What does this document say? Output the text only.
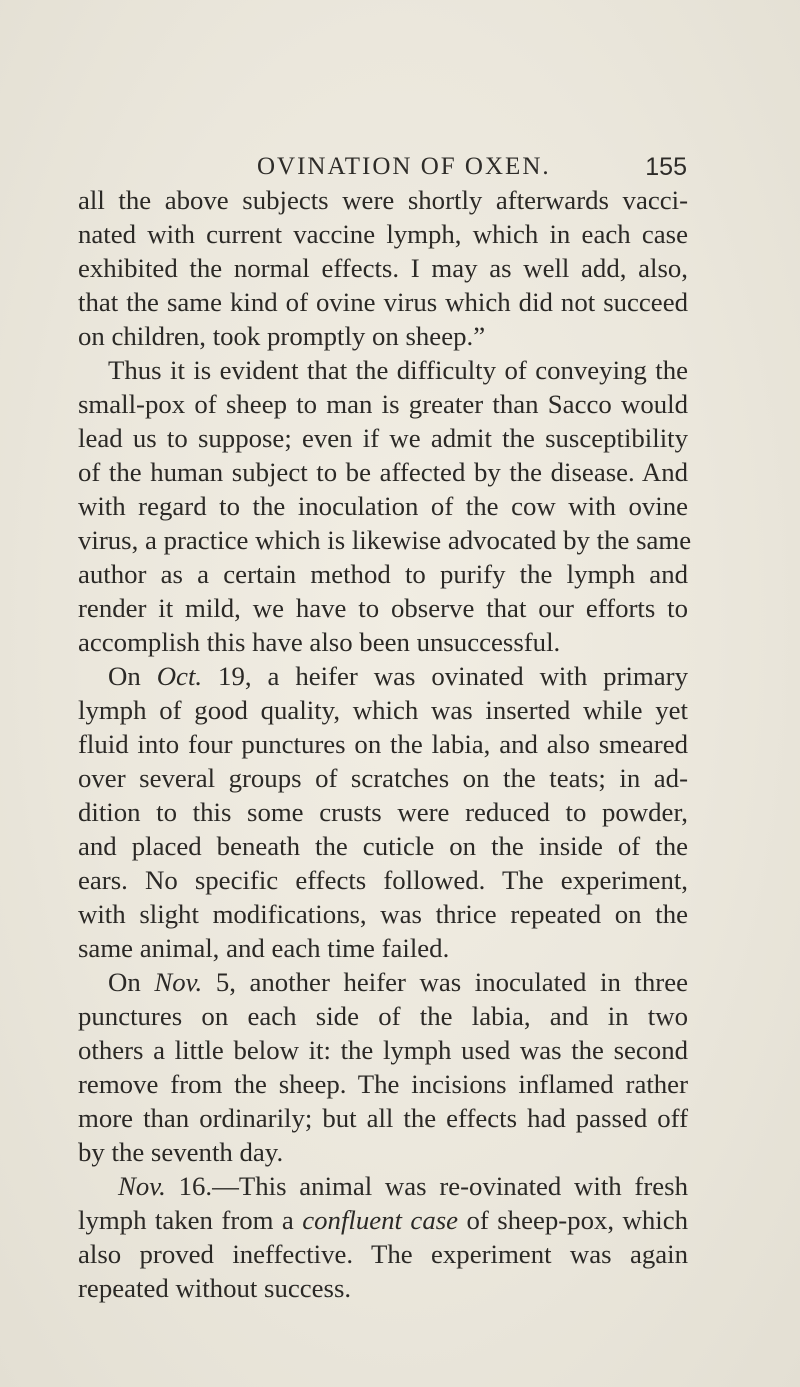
OVINATION OF OXEN.	155
all the above subjects were shortly afterwards vacci-
nated with current vaccine lymph, which in each case
exhibited the normal effects. I may as well add, also,
that the same kind of ovine virus which did not succeed
on children, took promptly on sheep.”
Thus it is evident that the difficulty of conveying the
small-pox of sheep to man is greater than Sacco would
lead us to suppose; even if we admit the susceptibility
of the human subject to be affected by the disease. And
with regard to the inoculation of the cow with ovine
virus, a practice which is likewise advocated by the same
author as a certain method to purify the lymph and
render it mild, we have to observe that our efforts to
accomplish this have also been unsuccessful.
On Oct. 19, a heifer was ovinated with primary
lymph of good quality, which was inserted while yet
fluid into four punctures on the labia, and also smeared
over several groups of scratches on the teats; in ad-
dition to this some crusts were reduced to powder,
and placed beneath the cuticle on the inside of the
ears. No specific effects followed. The experiment,
with slight modifications, was thrice repeated on the
same animal, and each time failed.
On Nov. 5, another heifer was inoculated in three
punctures on each side of the labia, and in two
others a little below it: the lymph used was the second
remove from the sheep. The incisions inflamed rather
more than ordinarily; but all the effects had passed off
by the seventh day.
Nov. 16.—This animal was re-ovinated with fresh
lymph taken from a confluent case of sheep-pox, which
also proved ineffective. The experiment was again
repeated without success.
